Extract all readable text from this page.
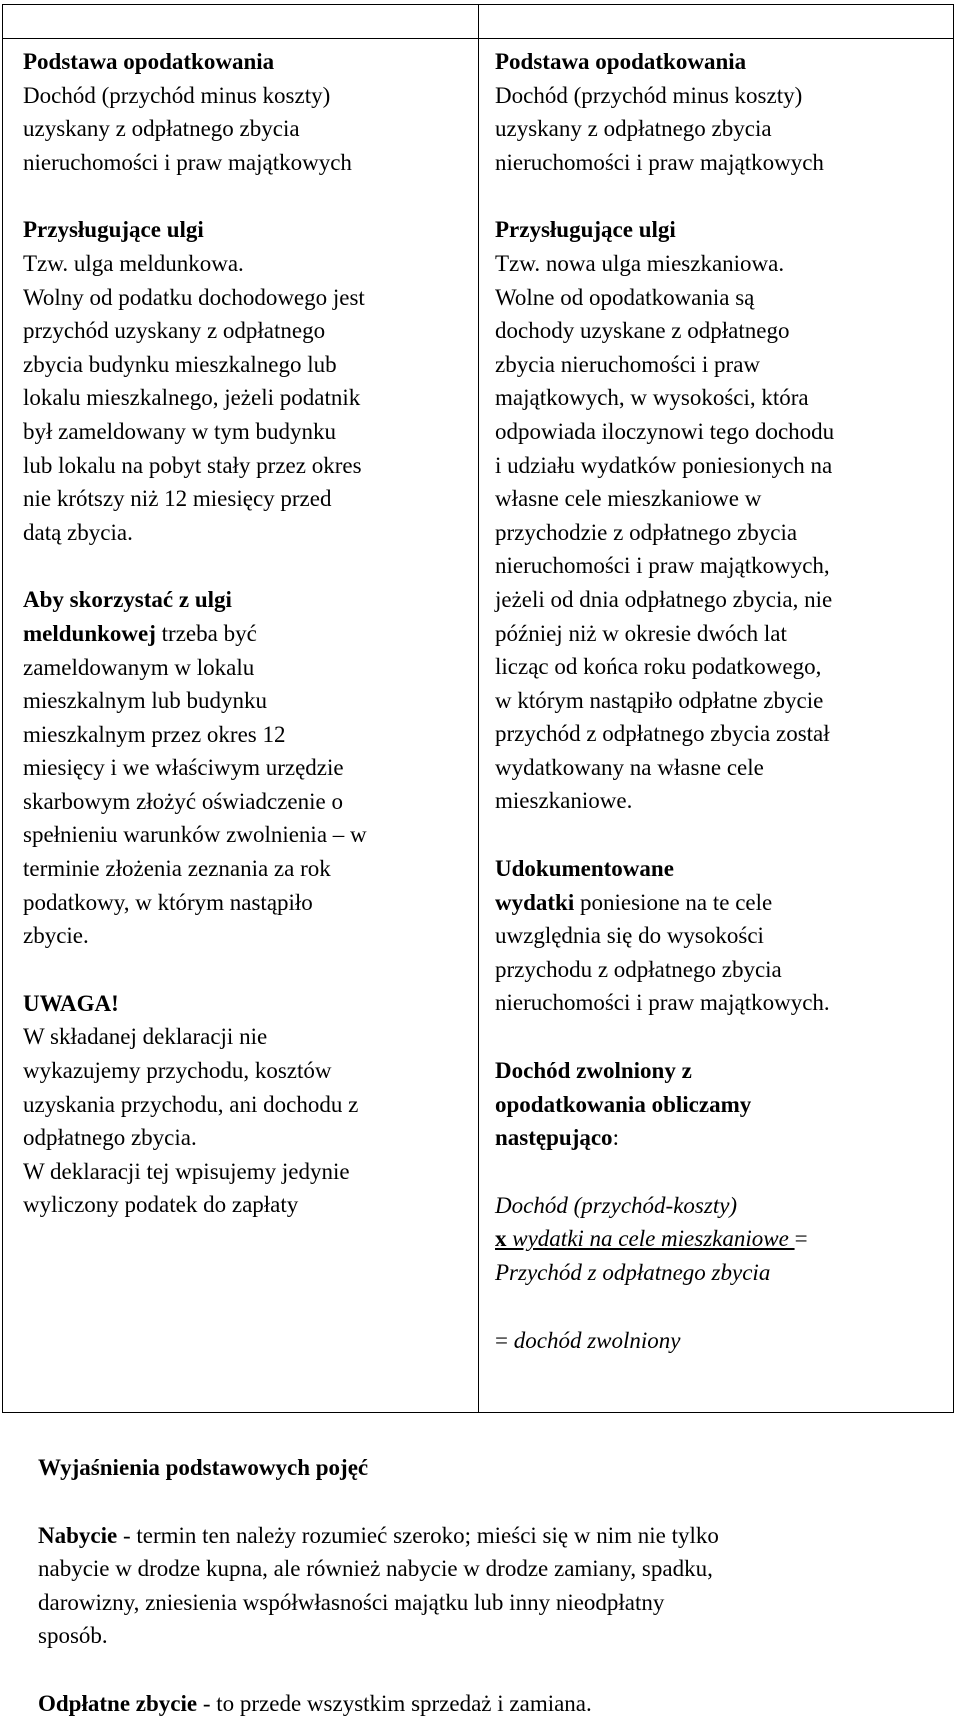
Podstawa opodatkowania

Dochód (przychód minus koszty)

uzyskany z odpłatnego zbycia

nieruchomości i praw majątkowych

Przysługujące ulgi

Tzw. ulga meldunkowa.

Wolny od podatku dochodowego jest

przychód uzyskany z odpłatnego

zbycia budynku mieszkalnego lub

lokalu mieszkalnego, jeżeli podatnik

był zameldowany w tym budynku

lub lokalu na pobyt stały przez okres

nie krótszy niż 12 miesięcy przed

datą zbycia.

Aby skorzystać z ulgi

meldunkowej trzeba być

zameldowanym w lokalu

mieszkalnym lub budynku

mieszkalnym przez okres 12

miesięcy i we właściwym urzędzie

skarbowym złożyć oświadczenie o

spełnieniu warunków zwolnienia – w

terminie złożenia zeznania za rok

podatkowy, w którym nastąpiło

zbycie.

UWAGA!

W składanej deklaracji nie

wykazujemy przychodu, kosztów

uzyskania przychodu, ani dochodu z

odpłatnego zbycia.

W deklaracji tej wpisujemy jedynie

wyliczony podatek do zapłaty

Podstawa opodatkowania

Dochód (przychód minus koszty)

uzyskany z odpłatnego zbycia

nieruchomości i praw majątkowych

Przysługujące ulgi

Tzw. nowa ulga mieszkaniowa.

Wolne od opodatkowania są

dochody uzyskane z odpłatnego

zbycia nieruchomości i praw

majątkowych, w wysokości, która

odpowiada iloczynowi tego dochodu

i udziału wydatków poniesionych na

własne cele mieszkaniowe w

przychodzie z odpłatnego zbycia

nieruchomości i praw majątkowych,

jeżeli od dnia odpłatnego zbycia, nie

później niż w okresie dwóch lat

licząc od końca roku podatkowego,

w którym nastąpiło odpłatne zbycie

przychód z odpłatnego zbycia został

wydatkowany na własne cele

mieszkaniowe.

Udokumentowane

wydatki poniesione na te cele

uwzględnia się do wysokości

przychodu z odpłatnego zbycia

nieruchomości i praw majątkowych.

Dochód zwolniony z

opodatkowania obliczamy

następująco:

Dochód (przychód-koszty)

x wydatki na cele mieszkaniowe =

Przychód z odpłatnego zbycia

= dochód zwolniony

Wyjaśnienia podstawowych pojęć

Nabycie - termin ten należy rozumieć szeroko; mieści się w nim nie tylko

nabycie w drodze kupna, ale również nabycie w drodze zamiany, spadku,

darowizny, zniesienia współwłasności majątku lub inny nieodpłatny

sposób.

Odpłatne zbycie - to przede wszystkim sprzedaż i zamiana.
